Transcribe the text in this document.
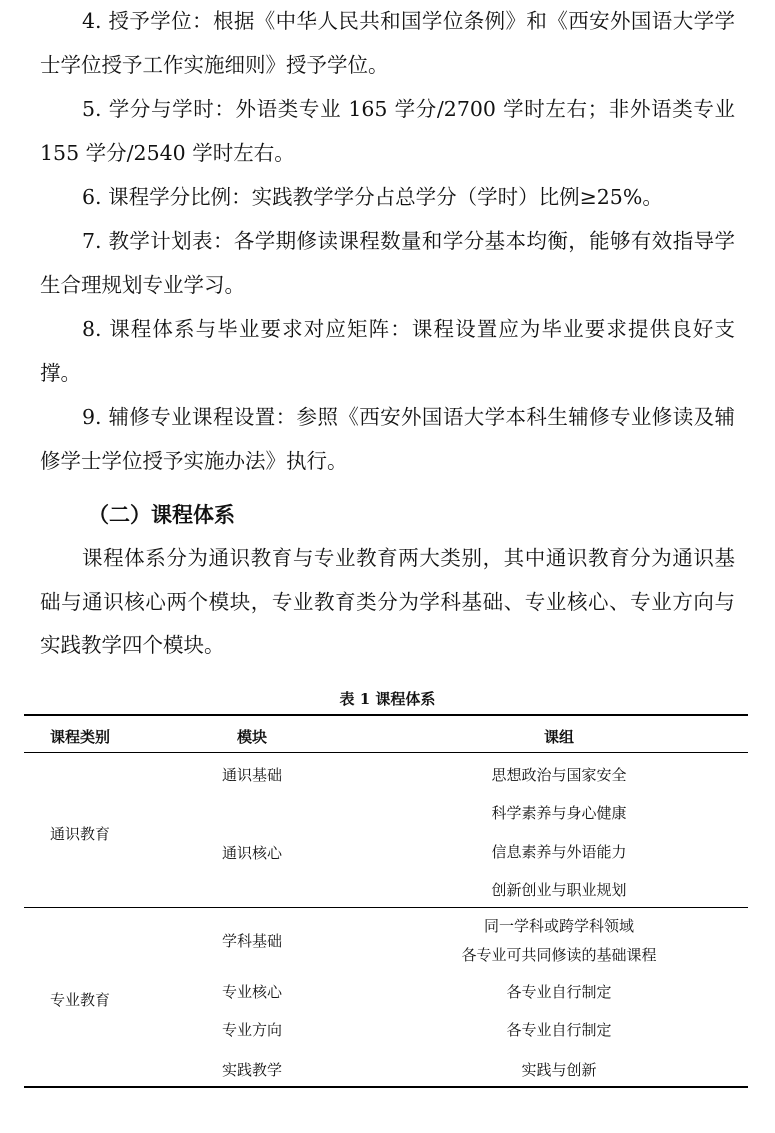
4. 授予学位：根据《中华人民共和国学位条例》和《西安外国语大学学士学位授予工作实施细则》授予学位。

5. 学分与学时：外语类专业 165 学分/2700 学时左右；非外语类专业 155 学分/2540 学时左右。

6. 课程学分比例：实践教学学分占总学分（学时）比例≥25%。

7. 教学计划表：各学期修读课程数量和学分基本均衡，能够有效指导学生合理规划专业学习。

8. 课程体系与毕业要求对应矩阵：课程设置应为毕业要求提供良好支撑。

9. 辅修专业课程设置：参照《西安外国语大学本科生辅修专业修读及辅修学士学位授予实施办法》执行。

（二）课程体系

课程体系分为通识教育与专业教育两大类别，其中通识教育分为通识基础与通识核心两个模块，专业教育类分为学科基础、专业核心、专业方向与实践教学四个模块。

表 1 课程体系
课程类别	模块	课组
通识教育
通识基础
通识核心
思想政治与国家安全
科学素养与身心健康
信息素养与外语能力
创新创业与职业规划
专业教育
学科基础
专业核心
专业方向
实践教学
同一学科或跨学科领域
各专业可共同修读的基础课程
各专业自行制定
各专业自行制定
实践与创新
